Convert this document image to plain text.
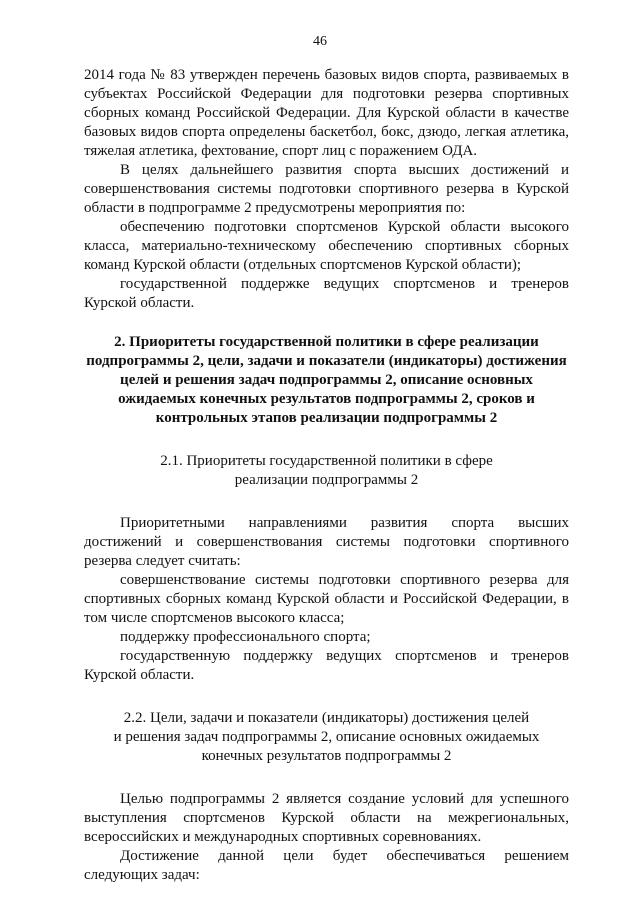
46

2014 года № 83 утвержден перечень базовых видов спорта, развиваемых в субъектах Российской Федерации для подготовки резерва спортивных сборных команд Российской Федерации. Для Курской области в качестве базовых видов спорта определены баскетбол, бокс, дзюдо, легкая атлетика, тяжелая атлетика, фехтование, спорт лиц с поражением ОДА.

В целях дальнейшего развития спорта высших достижений и совершенствования системы подготовки спортивного резерва в Курской области в подпрограмме 2 предусмотрены мероприятия по:

обеспечению подготовки спортсменов Курской области высокого класса, материально-техническому обеспечению спортивных сборных команд Курской области (отдельных спортсменов Курской области);

государственной поддержке ведущих спортсменов и тренеров Курской области.

2. Приоритеты государственной политики в сфере реализации подпрограммы 2, цели, задачи и показатели (индикаторы) достижения целей и решения задач подпрограммы 2, описание основных ожидаемых конечных результатов подпрограммы 2, сроков и контрольных этапов реализации подпрограммы 2

2.1. Приоритеты государственной политики в сфере
реализации подпрограммы 2

Приоритетными направлениями развития спорта высших достижений и совершенствования системы подготовки спортивного резерва следует считать:

совершенствование системы подготовки спортивного резерва для спортивных сборных команд Курской области и Российской Федерации, в том числе спортсменов высокого класса;

поддержку профессионального спорта;

государственную поддержку ведущих спортсменов и тренеров Курской области.

2.2. Цели, задачи и показатели (индикаторы) достижения целей
и решения задач подпрограммы 2, описание основных ожидаемых
конечных результатов подпрограммы 2

Целью подпрограммы 2 является создание условий для успешного выступления спортсменов Курской области на межрегиональных, всероссийских и международных спортивных соревнованиях.

Достижение данной цели будет обеспечиваться решением следующих задач:
